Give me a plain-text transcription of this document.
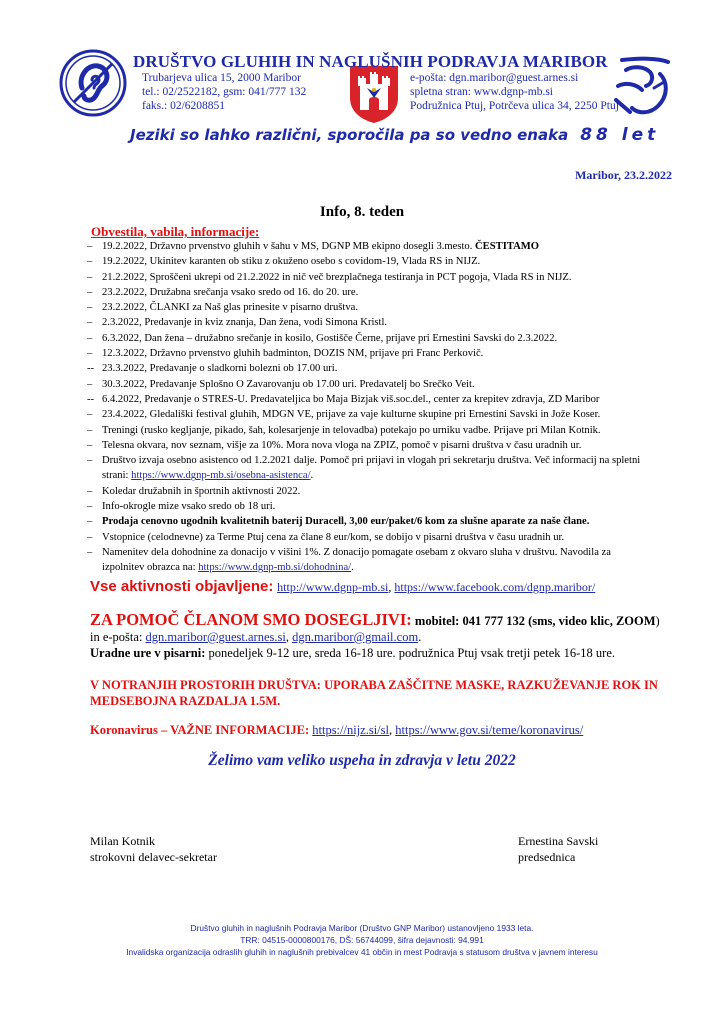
DRUŠTVO GLUHIH IN NAGLUŠNIH PODRAVJA MARIBOR
Trubarjeva ulica 15, 2000 Maribor
tel.: 02/2522182, gsm: 041/777 132
faks.: 02/6208851
e-pošta: dgn.maribor@guest.arnes.si
spletna stran: www.dgnp-mb.si
Podružnica Ptuj, Potrčeva ulica 34, 2250 Ptuj
Jeziki so lahko različni, sporočila pa so vedno enaka 88 let
Maribor, 23.2.2022
Info, 8. teden
Obvestila, vabila, informacije:
– 19.2.2022, Državno prvenstvo gluhih v šahu v MS, DGNP MB ekipno dosegli 3.mesto. ČESTITAMO
– 19.2.2022, Ukinitev karanten ob stiku z okuženo osebo s covidom-19, Vlada RS in NIJZ.
– 21.2.2022, Sproščeni ukrepi od 21.2.2022 in nič več brezplačnega testiranja in PCT pogoja, Vlada RS in NIJZ.
– 23.2.2022, Družabna srečanja vsako sredo od 16. do 20. ure.
– 23.2.2022, ČLANKI za Naš glas prinesite v pisarno društva.
– 2.3.2022, Predavanje in kviz znanja, Dan žena, vodi Simona Kristl.
– 6.3.2022, Dan žena – družabno srečanje in kosilo, Gostišče Černe, prijave pri Ernestini Savski do 2.3.2022.
– 12.3.2022, Državno prvenstvo gluhih badminton, DOZIS NM, prijave pri Franc Perkovič.
-- 23.3.2022, Predavanje o sladkorni bolezni ob 17.00 uri.
– 30.3.2022, Predavanje Splošno O Zavarovanju ob 17.00 uri. Predavatelj bo Srečko Veit.
-- 6.4.2022, Predavanje o STRES-U. Predavateljica bo Maja Bizjak viš.soc.del., center za krepitev zdravja, ZD Maribor
– 23.4.2022, Gledališki festival gluhih, MDGN VE, prijave za vaje kulturne skupine pri Ernestini Savski in Jože Koser.
– Treningi (rusko kegljanje, pikado, šah, kolesarjenje in telovadba) potekajo po urniku vadbe. Prijave pri Milan Kotnik.
– Telesna okvara, nov seznam, višje za 10%. Mora nova vloga na ZPIZ, pomoč v pisarni društva v času uradnih ur.
– Društvo izvaja osebno asistenco od 1.2.2021 dalje. Pomoč pri prijavi in vlogah pri sekretarju društva. Več informacij na spletni
strani: https://www.dgnp-mb.si/osebna-asistenca/.
– Koledar družabnih in športnih aktivnosti 2022.
– Info-okrogle mize vsako sredo ob 18 uri.
– Prodaja cenovno ugodnih kvalitetnih baterij Duracell, 3,00 eur/paket/6 kom za slušne aparate za naše člane.
– Vstopnice (celodnevne) za Terme Ptuj cena za člane 8 eur/kom, se dobijo v pisarni društva v času uradnih ur.
– Namenitev dela dohodnine za donacijo v višini 1%. Z donacijo pomagate osebam z okvaro sluha v društvu. Navodila za
izpolnitev obrazca na: https://www.dgnp-mb.si/dohodnina/.
Vse aktivnosti objavljene: http://www.dgnp-mb.si, https://www.facebook.com/dgnp.maribor/
ZA POMOČ ČLANOM SMO DOSEGLJIVI: mobitel: 041 777 132 (sms, video klic, ZOOM) in e-pošta: dgn.maribor@guest.arnes.si, dgn.maribor@gmail.com.
Uradne ure v pisarni: ponedeljek 9-12 ure, sreda 16-18 ure. podružnica Ptuj vsak tretji petek 16-18 ure.
V NOTRANJIH PROSTORIH DRUŠTVA: UPORABA ZAŠČITNE MASKE, RAZKUŽEVANJE ROK IN MEDSEBOJNA RAZDALJA 1.5M.
Koronavirus – VAŽNE INFORMACIJE: https://nijz.si/sl, https://www.gov.si/teme/koronavirus/
Želimo vam veliko uspeha in zdravja v letu 2022
Milan Kotnik
strokovni delavec-sekretar
Ernestina Savski
predsednica
Društvo gluhih in naglušnih Podravja Maribor (Društvo GNP Maribor) ustanovljeno 1933 leta.
TRR: 04515-0000800176, DŠ: 56744099, šifra dejavnosti: 94.991
Invalidska organizacija odraslih gluhih in naglušnih prebivalcev 41 občin in mest Podravja s statusom društva v javnem interesu
